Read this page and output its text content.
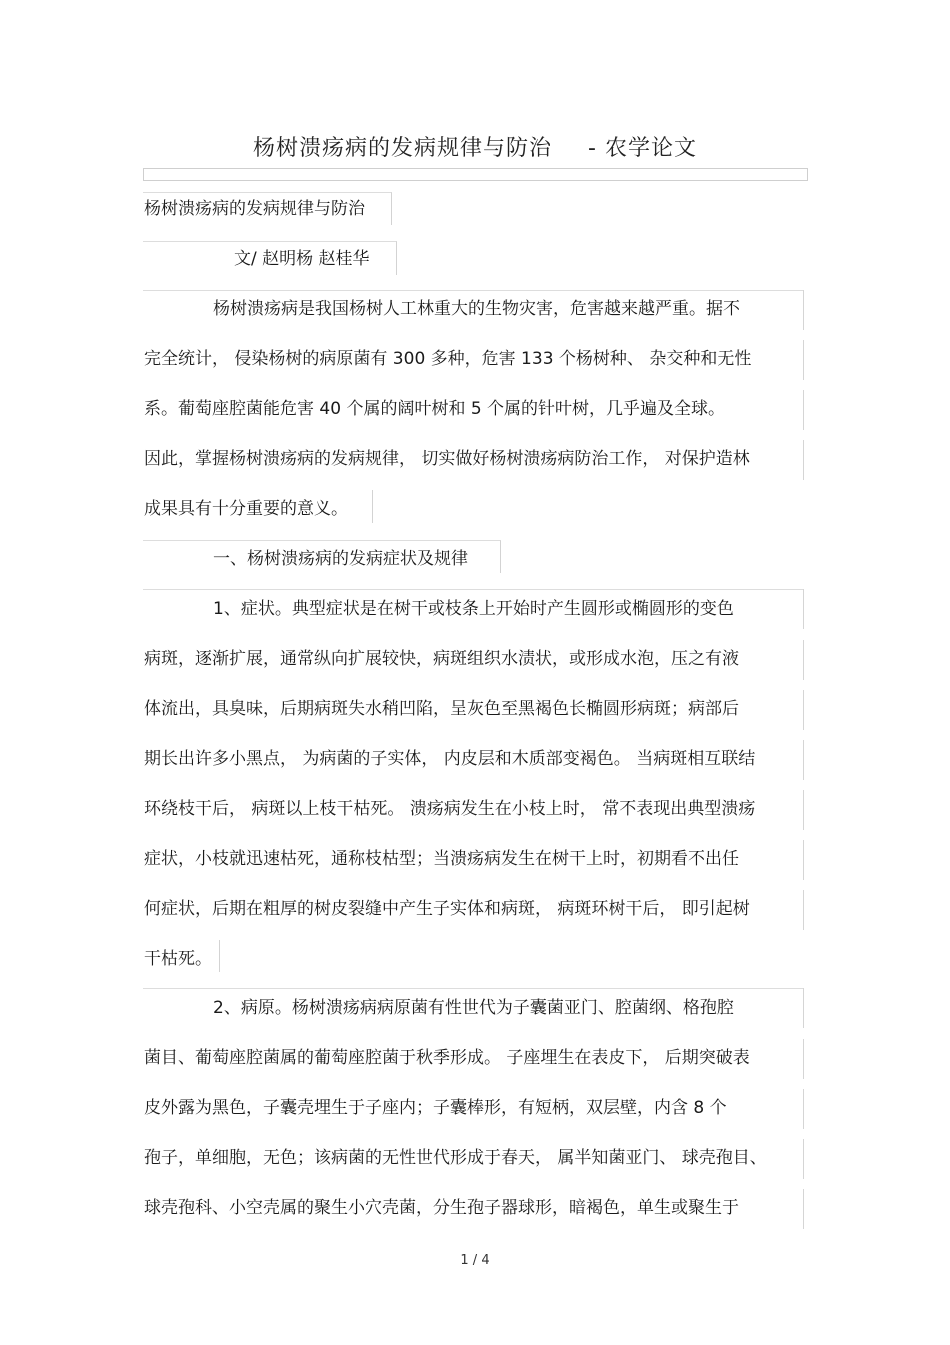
杨树溃疡病的发病规律与防治 - 农学论文
杨树溃疡病的发病规律与防治
文/ 赵明杨 赵桂华
杨树溃疡病是我国杨树人工林重大的生物灾害，危害越来越严重。据不
完全统计， 侵染杨树的病原菌有 300 多种，危害 133 个杨树种、 杂交种和无性
系。葡萄座腔菌能危害 40 个属的阔叶树和 5 个属的针叶树，几乎遍及全球。
因此，掌握杨树溃疡病的发病规律， 切实做好杨树溃疡病防治工作， 对保护造林
成果具有十分重要的意义。
一、杨树溃疡病的发病症状及规律
1、症状。典型症状是在树干或枝条上开始时产生圆形或椭圆形的变色
病斑，逐渐扩展，通常纵向扩展较快，病斑组织水渍状，或形成水泡，压之有液
体流出，具臭味，后期病斑失水稍凹陷，呈灰色至黑褐色长椭圆形病斑；病部后
期长出许多小黑点， 为病菌的子实体， 内皮层和木质部变褐色。 当病斑相互联结
环绕枝干后， 病斑以上枝干枯死。 溃疡病发生在小枝上时， 常不表现出典型溃疡
症状，小枝就迅速枯死，通称枝枯型；当溃疡病发生在树干上时，初期看不出任
何症状，后期在粗厚的树皮裂缝中产生子实体和病斑， 病斑环树干后， 即引起树
干枯死。
2、病原。杨树溃疡病病原菌有性世代为子囊菌亚门、腔菌纲、格孢腔
菌目、葡萄座腔菌属的葡萄座腔菌于秋季形成。 子座埋生在表皮下， 后期突破表
皮外露为黑色，子囊壳埋生于子座内；子囊棒形，有短柄，双层壁，内含 8 个
孢子，单细胞，无色；该病菌的无性世代形成于春天， 属半知菌亚门、 球壳孢目、
球壳孢科、小空壳属的聚生小穴壳菌，分生孢子器球形，暗褐色，单生或聚生于
1 / 4
